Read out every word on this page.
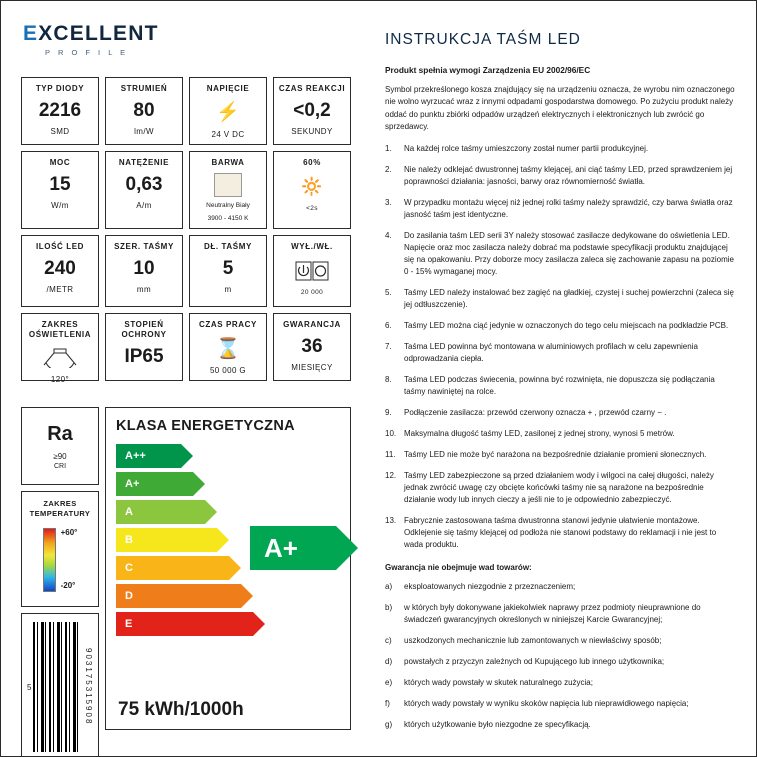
EXCELLENT
P R O F I L E
INSTRUKCJA TAŚM LED
TYP DIODY
2216
SMD
STRUMIEŃ
80
lm/W
NAPIĘCIE
⚡
24 V DC
CZAS REAKCJI
<0,2
SEKUNDY
MOC
15
W/m
NATĘŻENIE
0,63
A/m
BARWA
Neutralny Biały
3900 - 4150 K
60%
🔆
<2s
ILOŚĆ LED
240
/METR
SZER. TAŚMY
10
mm
DŁ. TAŚMY
5
m
WYŁ./WŁ.
20 000
ZAKRES OŚWIETLENIA
120°
STOPIEŃ OCHRONY
IP65
CZAS PRACY
⌛
50 000 G
GWARANCJA
36
MIESIĘCY
Ra
≥90
CRI
ZAKRES TEMPERATURY
+60°
-20°
5	903175315908
KLASA ENERGETYCZNA
A++
A+
A
B
C
D
E
A+
75 kWh/1000h
Produkt spełnia wymogi Zarządzenia EU 2002/96/EC
Symbol przekreślonego kosza znajdujący się na urządzeniu oznacza, że wyrobu nim oznaczonego nie wolno wyrzucać wraz z innymi odpadami gospodarstwa domowego. Po zużyciu produkt należy oddać do punktu zbiórki odpadów urządzeń elektrycznych i elektronicznych lub zwrócić go sprzedawcy.
1.	Na każdej rolce taśmy umieszczony został numer partii produkcyjnej.
2.	Nie należy odklejać dwustronnej taśmy klejącej, ani ciąć taśmy LED, przed sprawdzeniem jej poprawności działania: jasności, barwy oraz równomierność światła.
3.	W przypadku montażu więcej niż jednej rolki taśmy należy sprawdzić, czy barwa światła oraz jasność taśm jest identyczne.
4.	Do zasilania taśm LED serii 3Y należy stosować zasilacze dedykowane do oświetlenia LED. Napięcie oraz moc zasilacza należy dobrać ma podstawie specyfikacji produktu znajdującej się na opakowaniu. Przy doborze mocy zasilacza zaleca się zachowanie zapasu na poziomie 0 - 15% wymaganej mocy.
5.	Taśmy LED należy instalować bez zagięć na gładkiej, czystej i suchej powierzchni (zaleca się jej odtłuszczenie).
6.	Taśmy LED można ciąć jedynie w oznaczonych do tego celu miejscach na podkładzie PCB.
7.	Taśma LED powinna być montowana w aluminiowych profilach w celu zapewnienia odprowadzania ciepła.
8.	Taśma LED podczas świecenia, powinna być rozwinięta, nie dopuszcza się podłączania taśmy nawiniętej na rolce.
9.	Podłączenie zasilacza: przewód czerwony oznacza + , przewód czarny − .
10. Maksymalna długość taśmy LED, zasilonej z jednej strony, wynosi 5 metrów.
11.	Taśmy LED nie może być narażona na bezpośrednie działanie promieni słonecznych.
12. Taśmy LED zabezpieczone są przed działaniem wody i wilgoci na całej długości, należy jednak zwrócić uwagę czy obcięte końcówki taśmy nie są narażone na bezpośrednie działanie wody lub innych cieczy a jeśli nie to je odpowiednio zabezpieczyć.
13. Fabrycznie zastosowana taśma dwustronna stanowi jedynie ułatwienie montażowe. Odklejenie się taśmy klejącej od podłoża nie stanowi podstawy do reklamacji i nie jest to wada produktu.
Gwarancja nie obejmuje wad towarów:
a)	eksploatowanych niezgodnie z przeznaczeniem;
b)	w których były dokonywane jakiekolwiek naprawy przez podmioty nieuprawnione do świadczeń gwarancyjnych określonych w niniejszej Karcie Gwarancyjnej;
c)	uszkodzonych mechanicznie lub zamontowanych w niewłaściwy sposób;
d)	powstałych z przyczyn zależnych od Kupującego lub innego użytkownika;
e)	których wady powstały w skutek naturalnego zużycia;
f)	których wady powstały w wyniku skoków napięcia lub nieprawidłowego napięcia;
g)	których użytkowanie było niezgodne ze specyfikacją.
